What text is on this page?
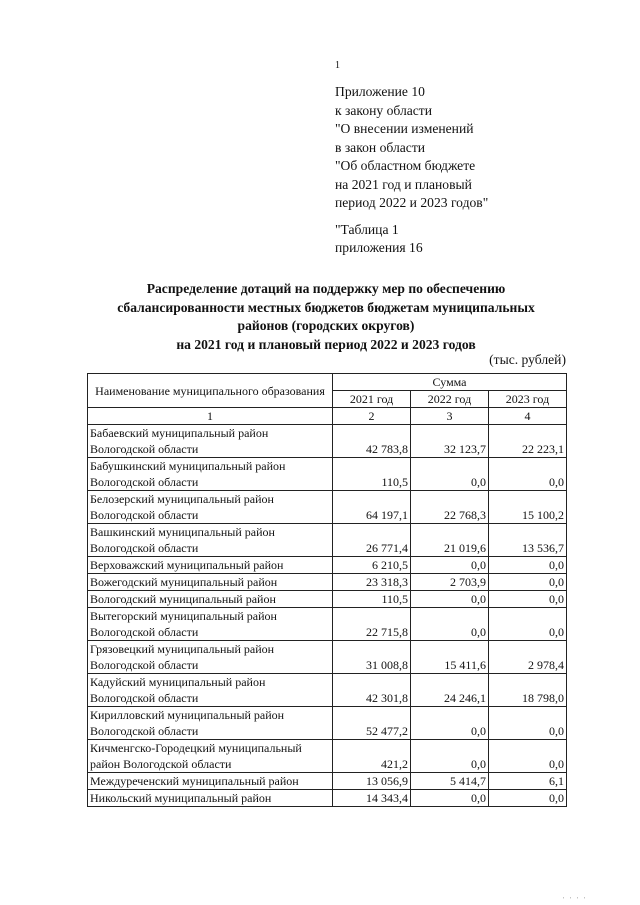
1
Приложение 10
к закону области
"О внесении изменений
в закон области
"Об областном бюджете
на 2021 год и плановый
период 2022 и 2023 годов"
"Таблица 1
приложения 16
Распределение дотаций на поддержку мер по обеспечению
сбалансированности местных бюджетов бюджетам муниципальных
районов (городских округов)
на 2021 год и плановый период 2022 и 2023 годов
(тыс. рублей)
Наименование муниципального образования	Сумма		
	2021 год	2022 год	2023 год
1	2	3	4

Бабаевский муниципальный район
Вологодской области	42 783,8	32 123,7	22 223,1

Бабушкинский муниципальный район
Вологодской области	110,5	0,0	0,0

Белозерский муниципальный район
Вологодской области	64 197,1	22 768,3	15 100,2

Вашкинский муниципальный район
Вологодской области	26 771,4	21 019,6	13 536,7

Верховажский муниципальный район	6 210,5	0,0	0,0

Вожегодский муниципальный район	23 318,3	2 703,9	0,0

Вологодский муниципальный район	110,5	0,0	0,0

Вытегорский муниципальный район
Вологодской области	22 715,8	0,0	0,0

Грязовецкий муниципальный район
Вологодской области	31 008,8	15 411,6	2 978,4

Кадуйский муниципальный район
Вологодской области	42 301,8	24 246,1	18 798,0

Кирилловский муниципальный район
Вологодской области	52 477,2	0,0	0,0

Кичменгско-Городецкий муниципальный
район Вологодской области	421,2	0,0	0,0

Междуреченский муниципальный район	13 056,9	5 414,7	6,1

Никольский муниципальный район	14 343,4	0,0	0,0
' ' ' '
